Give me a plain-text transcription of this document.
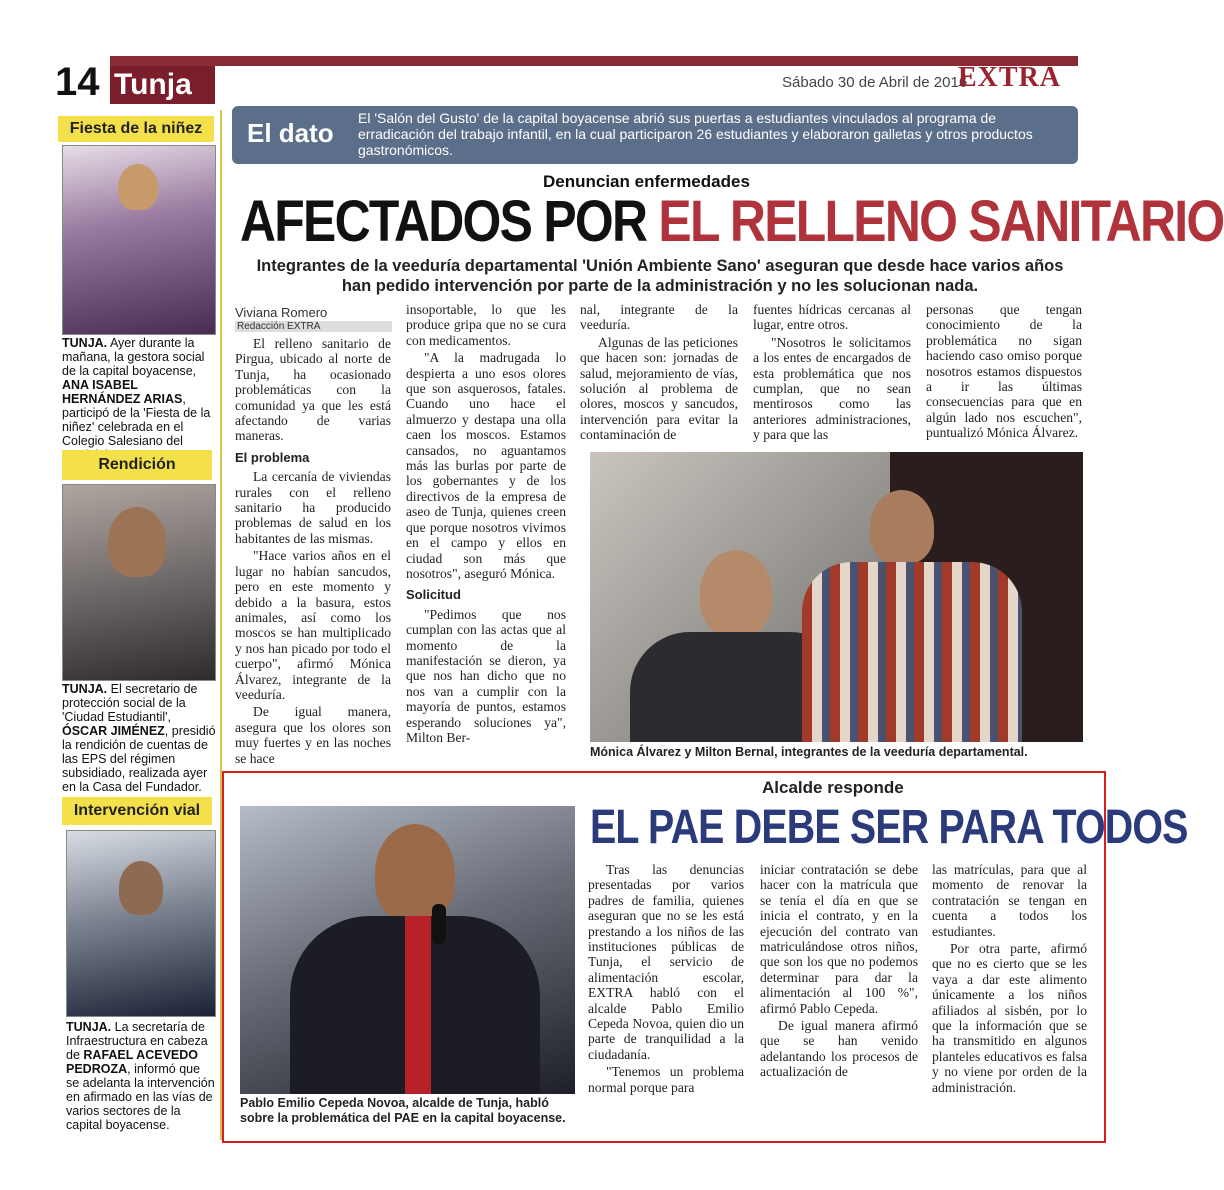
14 Tunja	Sábado 30 de Abril de 2016
EXTRA
Fiesta de la niñez
TUNJA. Ayer durante la mañana, la gestora social de la capital boyacense, ANA ISABEL HERNÁNDEZ ARIAS, participó de la 'Fiesta de la niñez' celebrada en el Colegio Salesiano del
Rendición
TUNJA. El secretario de protección social de la 'Ciudad Estudiantil', ÓSCAR JIMÉNEZ, presidió la rendición de cuentas de las EPS del régimen subsidiado, realizada ayer en la Casa del Fundador.
Intervención vial
TUNJA. La secretaría de Infraestructura en cabeza de RAFAEL ACEVEDO PEDROZA, informó que se adelanta la intervención en afirmado en las vías de varios sectores de la capital boyacense.
El dato El 'Salón del Gusto' de la capital boyacense abrió sus puertas a estudiantes vinculados al programa de erradicación del trabajo infantil, en la cual participaron 26 estudiantes y elaboraron galletas y otros productos gastronómicos.
Denuncian enfermedades
AFECTADOS POR EL RELLENO SANITARIO
Integrantes de la veeduría departamental 'Unión Ambiente Sano' aseguran que desde hace varios años han pedido intervención por parte de la administración y no les solucionan nada.
Viviana Romero
Redacción EXTRA

El relleno sanitario de Pirgua, ubicado al norte de Tunja, ha ocasionado problemáticas con la comunidad ya que les está afectando de varias maneras.

El problema

La cercanía de viviendas rurales con el relleno sanitario ha producido problemas de salud en los habitantes de las mismas.

"Hace varios años en el lugar no habían sancudos, pero en este momento y debido a la basura, estos animales, así como los moscos se han multiplicado y nos han picado por todo el cuerpo", afirmó Mónica Álvarez, integrante de la veeduría.

De igual manera, asegura que los olores son muy fuertes y en las noches se hace

insoportable, lo que les produce gripa que no se cura con medicamentos.

"A la madrugada lo despierta a uno esos olores que son asquerosos, fatales. Cuando uno hace el almuerzo y destapa una olla caen los moscos. Estamos cansados, no aguantamos más las burlas por parte de los gobernantes y de los directivos de la empresa de aseo de Tunja, quienes creen que porque nosotros vivimos en el campo y ellos en ciudad son más que nosotros", aseguró Mónica.

Solicitud

"Pedimos que nos cumplan con las actas que al momento de la manifestación se dieron, ya que nos han dicho que no nos van a cumplir con la mayoría de puntos, estamos esperando soluciones ya", Milton Ber-

nal, integrante de la veeduría.

Algunas de las peticiones que hacen son: jornadas de salud, mejoramiento de vías, solución al problema de olores, moscos y sancudos, intervención para evitar la contaminación de

fuentes hídricas cercanas al lugar, entre otros.

"Nosotros le solicitamos a los entes de encargados de esta problemática que nos cumplan, que no sean mentirosos como las anteriores administraciones, y para que las

personas que tengan conocimiento de la problemática no sigan haciendo caso omiso porque nosotros estamos dispuestos a ir las últimas consecuencias para que en algún lado nos escuchen", puntualizó Mónica Álvarez.

Mónica Álvarez y Milton Bernal, integrantes de la veeduría departamental.
Alcalde responde
EL PAE DEBE SER PARA TODOS
Pablo Emilio Cepeda Novoa, alcalde de Tunja, habló sobre la problemática del PAE en la capital boyacense.

Tras las denuncias presentadas por varios padres de familia, quienes aseguran que no se les está prestando a los niños de las instituciones públicas de Tunja, el servicio de alimentación escolar, EXTRA habló con el alcalde Pablo Emilio Cepeda Novoa, quien dio un parte de tranquilidad a la ciudadanía.

"Tenemos un problema normal porque para

iniciar contratación se debe hacer con la matrícula que se tenía el día en que se inicia el contrato, y en la ejecución del contrato van matriculándose otros niños, que son los que no podemos determinar para dar la alimentación al 100 %", afirmó Pablo Cepeda.

De igual manera afirmó que se han venido adelantando los procesos de actualización de

las matrículas, para que al momento de renovar la contratación se tengan en cuenta a todos los estudiantes.

Por otra parte, afirmó que no es cierto que se les vaya a dar este alimento únicamente a los niños afiliados al sisbén, por lo que la información que se ha transmitido en algunos planteles educativos es falsa y no viene por orden de la administración.
